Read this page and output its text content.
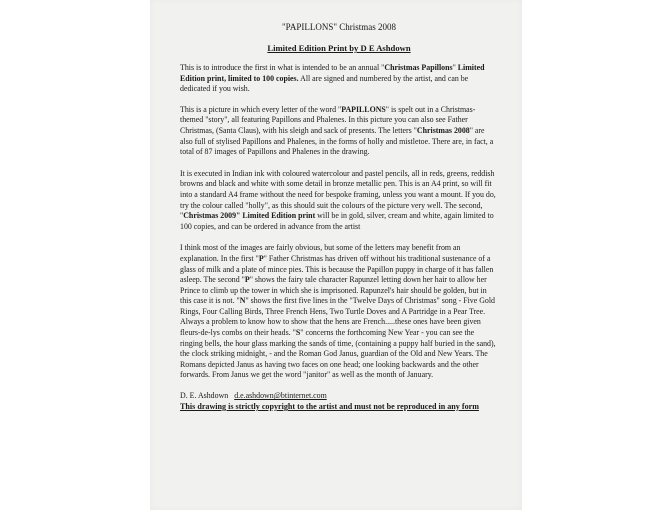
"PAPILLONS" Christmas 2008
Limited Edition Print by D E Ashdown

This is to introduce the first in what is intended to be an annual "Christmas Papillons" Limited Edition print, limited to 100 copies. All are signed and numbered by the artist, and can be dedicated if you wish.

This is a picture in which every letter of the word "PAPILLONS" is spelt out in a Christmas-themed "story", all featuring Papillons and Phalenes. In this picture you can also see Father Christmas, (Santa Claus), with his sleigh and sack of presents. The letters "Christmas 2008" are also full of stylised Papillons and Phalenes, in the forms of holly and mistletoe. There are, in fact, a total of 87 images of Papillons and Phalenes in the drawing.

It is executed in Indian ink with coloured watercolour and pastel pencils, all in reds, greens, reddish browns and black and white with some detail in bronze metallic pen. This is an A4 print, so will fit into a standard A4 frame without the need for bespoke framing, unless you want a mount. If you do, try the colour called "holly", as this should suit the colours of the picture very well. The second, "Christmas 2009" Limited Edition print will be in gold, silver, cream and white, again limited to 100 copies, and can be ordered in advance from the artist

I think most of the images are fairly obvious, but some of the letters may benefit from an explanation. In the first "P" Father Christmas has driven off without his traditional sustenance of a glass of milk and a plate of mince pies. This is because the Papillon puppy in charge of it has fallen asleep. The second "P" shows the fairy tale character Rapunzel letting down her hair to allow her Prince to climb up the tower in which she is imprisoned. Rapunzel's hair should be golden, but in this case it is not. "N" shows the first five lines in the "Twelve Days of Christmas" song - Five Gold Rings, Four Calling Birds, Three French Hens, Two Turtle Doves and A Partridge in a Pear Tree. Always a problem to know how to show that the hens are French.....these ones have been given fleurs-de-lys combs on their heads. "S" concerns the forthcoming New Year - you can see the ringing bells, the hour glass marking the sands of time, (containing a puppy half buried in the sand), the clock striking midnight, - and the Roman God Janus, guardian of the Old and New Years. The Romans depicted Janus as having two faces on one head; one looking backwards and the other forwards. From Janus we get the word "janitor" as well as the month of January.

D. E. Ashdown d.e.ashdown@btinternet.com
This drawing is strictly copyright to the artist and must not be reproduced in any form
